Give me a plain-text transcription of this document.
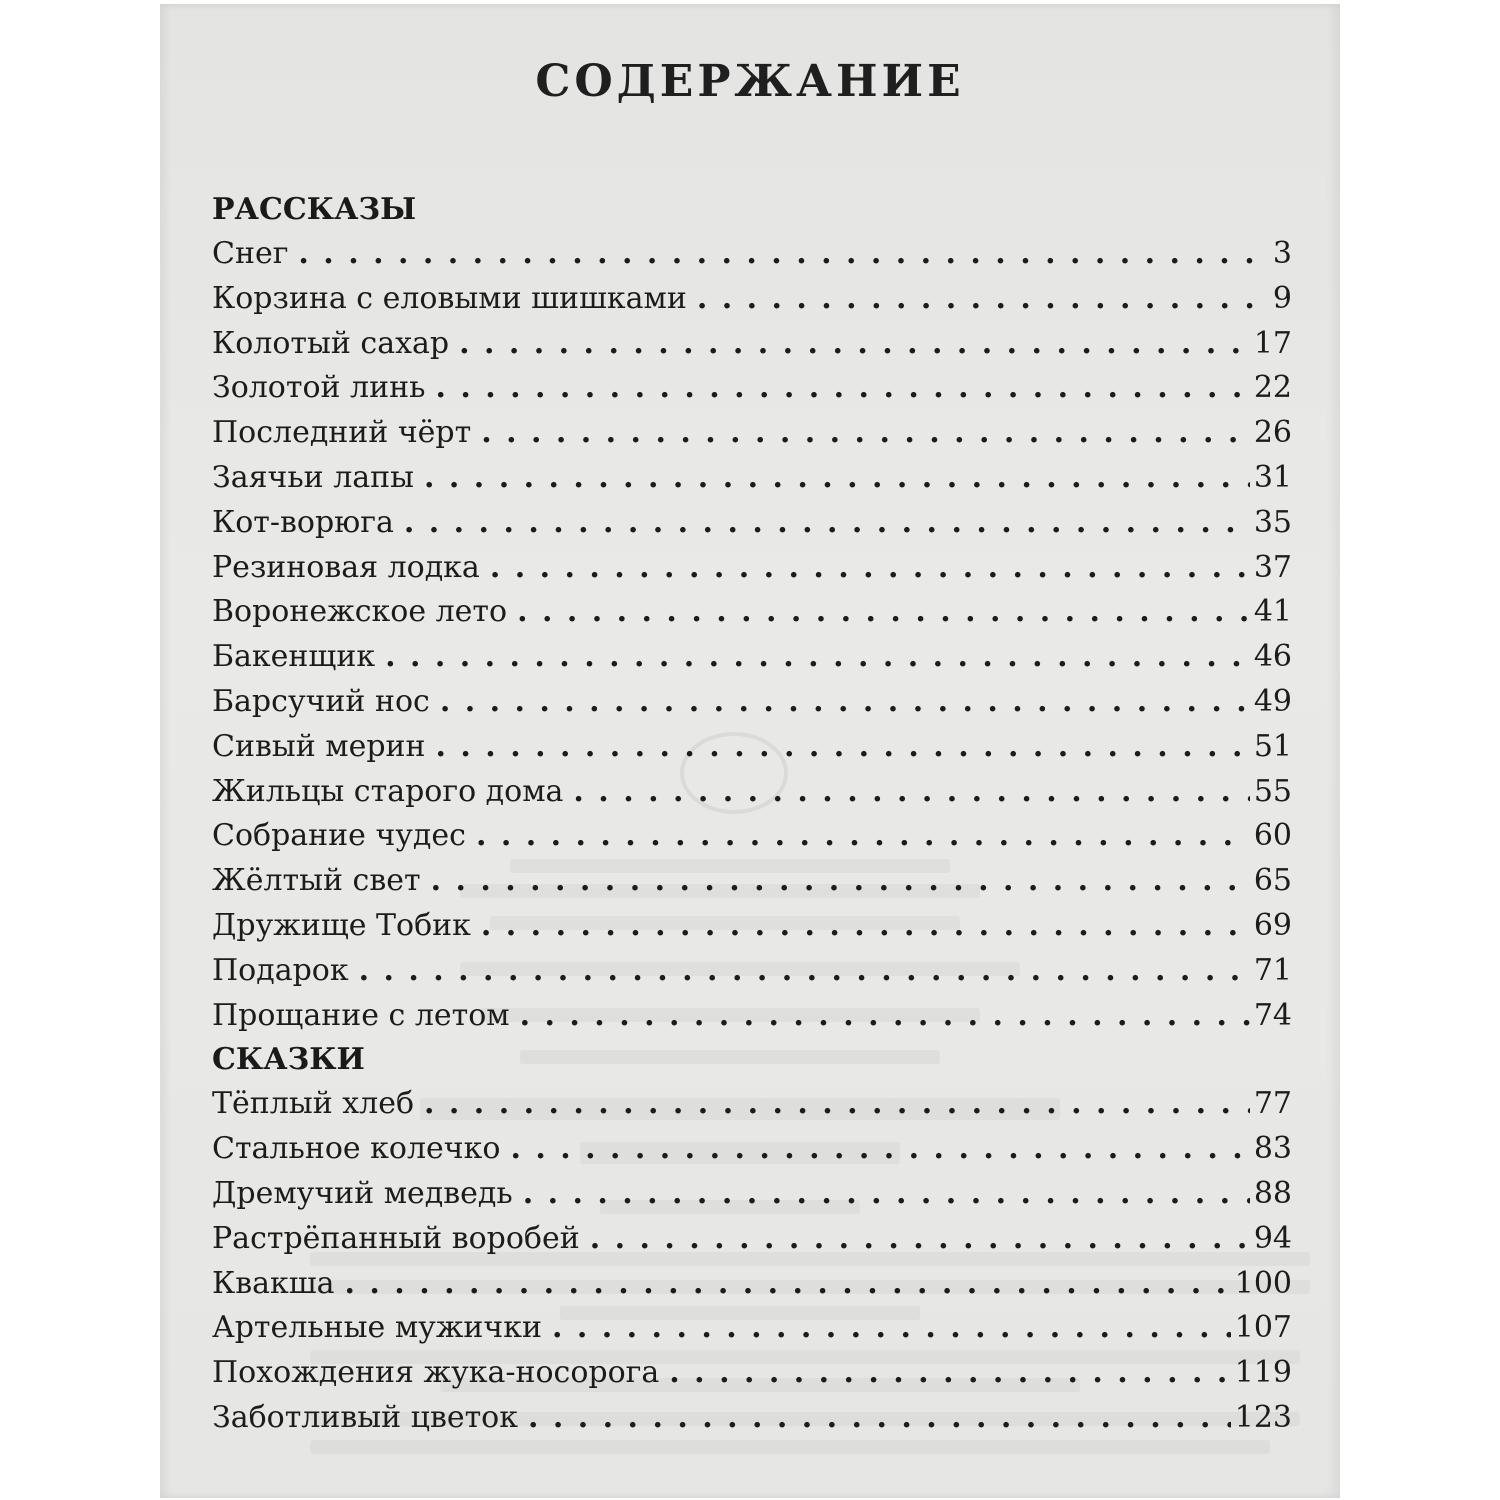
СОДЕРЖАНИЕ
РАССКАЗЫ
Снег . . .	3
Корзина с еловыми шишками . . .	9
Колотый сахар . . .	17
Золотой линь . . .	22
Последний чёрт . . .	26
Заячьи лапы . . .	31
Кот-ворюга . . .	35
Резиновая лодка . . .	37
Воронежское лето . . .	41
Бакенщик . . .	46
Барсучий нос . . .	49
Сивый мерин . . .	51
Жильцы старого дома . . .	55
Собрание чудес . . .	60
Жёлтый свет . . .	65
Дружище Тобик . . .	69
Подарок . . .	71
Прощание с летом . . .	74
СКАЗКИ
Тёплый хлеб . . .	77
Стальное колечко . . .	83
Дремучий медведь . . .	88
Растрёпанный воробей . . .	94
Квакша . . .	100
Артельные мужички . . .	107
Похождения жука-носорога . . .	119
Заботливый цветок . . .	123
